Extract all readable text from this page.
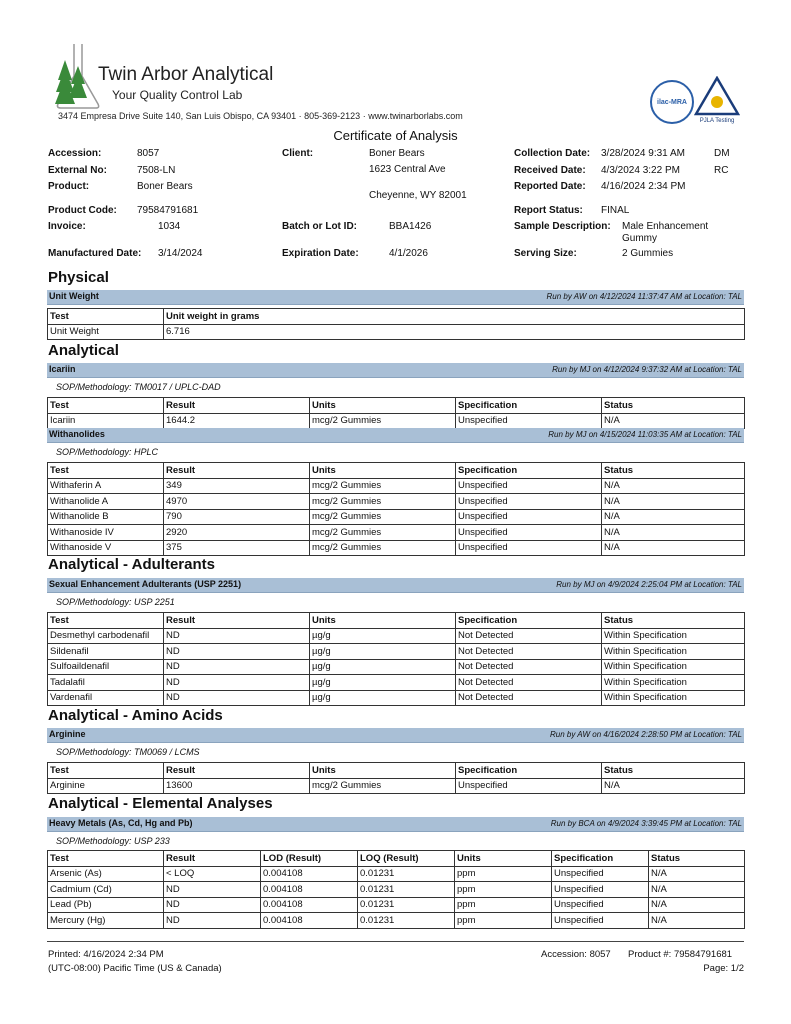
Twin Arbor Analytical
Your Quality Control Lab
3474 Empresa Drive Suite 140, San Luis Obispo, CA 93401 · 805-369-2123 · www.twinarborlabs.com
ilac-MRA
PJLA Testing
Certificate of Analysis
Accession:	8057
External No:	7508-LN
Product:	Boner Bears
Product Code: 79584791681
Invoice:	1034
Manufactured Date: 3/14/2024
Client:	Boner Bears
1623 Central Ave
Cheyenne, WY 82001
Batch or Lot ID:	BBA1426
Expiration Date:	4/1/2026
Collection Date: 3/28/2024 9:31 AM	DM
Received Date: 4/3/2024 3:22 PM	RC
Reported Date: 4/16/2024 2:34 PM
Report Status: FINAL
Sample Description: Male Enhancement
Gummy
Serving Size:	2 Gummies
Physical
Unit Weight	Run by AW on 4/12/2024 11:37:47 AM at Location: TAL
Test	Unit weight in grams
Unit Weight	6.716
Analytical
Icariin	Run by MJ on 4/12/2024 9:37:32 AM at Location: TAL
SOP/Methodology: TM0017 / UPLC-DAD
Test	Result	Units	Specification	Status
Icariin	1644.2	mcg/2 Gummies	Unspecified	N/A
Withanolides	Run by MJ on 4/15/2024 11:03:35 AM at Location: TAL
SOP/Methodology: HPLC
Test	Result	Units	Specification	Status
Withaferin A	349	mcg/2 Gummies	Unspecified	N/A
Withanolide A	4970	mcg/2 Gummies	Unspecified	N/A
Withanolide B	790	mcg/2 Gummies	Unspecified	N/A
Withanoside IV	2920	mcg/2 Gummies	Unspecified	N/A
Withanoside V	375	mcg/2 Gummies	Unspecified	N/A
Analytical - Adulterants
Sexual Enhancement Adulterants (USP 2251)	Run by MJ on 4/9/2024 2:25:04 PM at Location: TAL
SOP/Methodology: USP 2251
Test	Result	Units	Specification	Status
Desmethyl carbodenafil	ND	µg/g	Not Detected	Within Specification
Sildenafil	ND	µg/g	Not Detected	Within Specification
Sulfoaildenafil	ND	µg/g	Not Detected	Within Specification
Tadalafil	ND	µg/g	Not Detected	Within Specification
Vardenafil	ND	µg/g	Not Detected	Within Specification
Analytical - Amino Acids
Arginine	Run by AW on 4/16/2024 2:28:50 PM at Location: TAL
SOP/Methodology: TM0069 / LCMS
Test	Result	Units	Specification	Status
Arginine	13600	mcg/2 Gummies	Unspecified	N/A
Analytical - Elemental Analyses
Heavy Metals (As, Cd, Hg and Pb)	Run by BCA on 4/9/2024 3:39:45 PM at Location: TAL
SOP/Methodology: USP 233
Test	Result	LOD (Result)	LOQ (Result)	Units	Specification	Status
Arsenic (As)	< LOQ	0.004108	0.01231	ppm	Unspecified	N/A
Cadmium (Cd)	ND	0.004108	0.01231	ppm	Unspecified	N/A
Lead (Pb)	ND	0.004108	0.01231	ppm	Unspecified	N/A
Mercury (Hg)	ND	0.004108	0.01231	ppm	Unspecified	N/A
Printed: 4/16/2024 2:34 PM
(UTC-08:00) Pacific Time (US & Canada)
Accession: 8057 Product #: 79584791681
Page: 1/2
